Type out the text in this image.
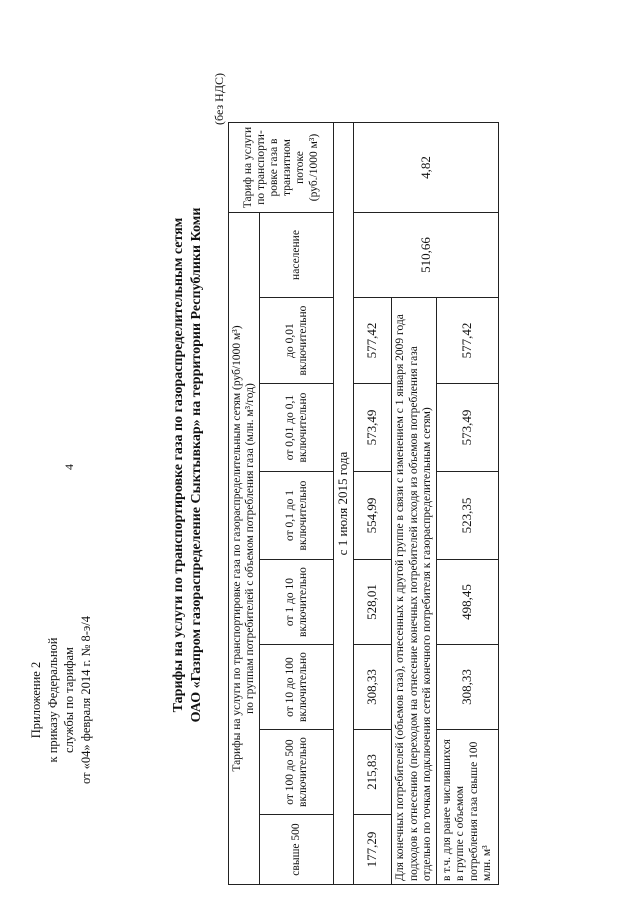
4
Приложение 2 к приказу Федеральной службы по тарифам от «04» февраля 2014 г. № 8-э/4	Тарифы на услуги по транспортировке газа по газораспределительным сетям ОАО «Газпром газораспределение Сыктывкар» на территории Республики Коми
(без НДС)
Тарифы на услуги по транспортировке газа по газораспределительным сетям (руб/1000 м³) по группам потребителей с объемом потребления газа (млн. м³/год)								Тариф на услуги по транспорти-ровке газа в транзитном потоке (руб./1000 м³)
свыше 500	от 100 до 500 включительно	от 10 до 100 включительно	от 1 до 10 включительно	от 0,1 до 1 включительно	от 0,01 до 0,1 включительно	до 0,01 включительно	население	
с 1 июля 2015 года								
177,29	215,83	308,33	528,01	554,99	573,49	577,42	510,66	4,82
Для конечных потребителей (объемов газа), отнесенных к другой группе в связи с изменением с 1 января 2009 года подходов к отнесению (переходом на отнесение конечных потребителей исходя из объемов потребления газа отдельно по точкам подключения сетей конечного потребителя к газораспределительным сетям)								
в т.ч. для ранее числившихся в группе с объемом потребления газа свыше 100 млн. м³		308,33	498,45	523,35	573,49	577,42		
